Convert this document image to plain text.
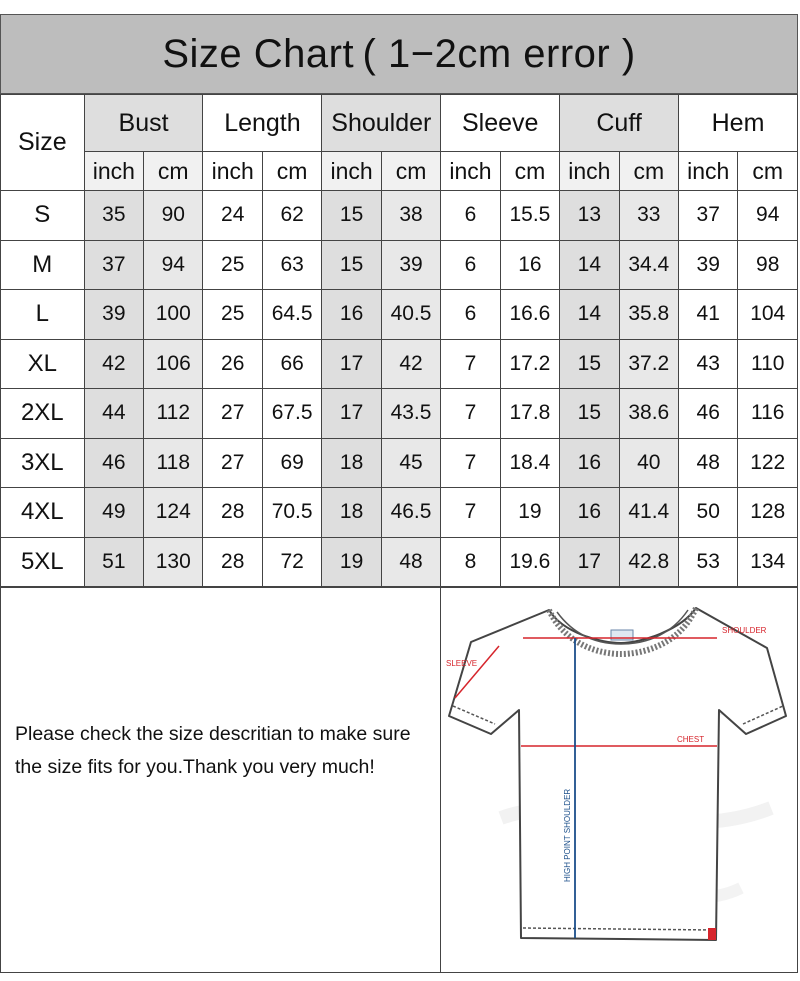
Size Chart ( 1−2cm error )
Size	Bust		Length		Shoulder		Sleeve		Cuff		Hem	
	inch	cm	inch	cm	inch	cm	inch	cm	inch	cm	inch	cm
S	35	90	24	62	15	38	6	15.5	13	33	37	94
M	37	94	25	63	15	39	6	16	14	34.4	39	98
L	39	100	25	64.5	16	40.5	6	16.6	14	35.8	41	104
XL	42	106	26	66	17	42	7	17.2	15	37.2	43	110
2XL	44	112	27	67.5	17	43.5	7	17.8	15	38.6	46	116
3XL	46	118	27	69	18	45	7	18.4	16	40	48	122
4XL	49	124	28	70.5	18	46.5	7	19	16	41.4	50	128
5XL	51	130	28	72	19	48	8	19.6	17	42.8	53	134
Please check the size descritian to make sure the size fits for you.Thank you very much!
SHOULDER
SLEEVE
CHEST
HIGH POINT SHOULDER
